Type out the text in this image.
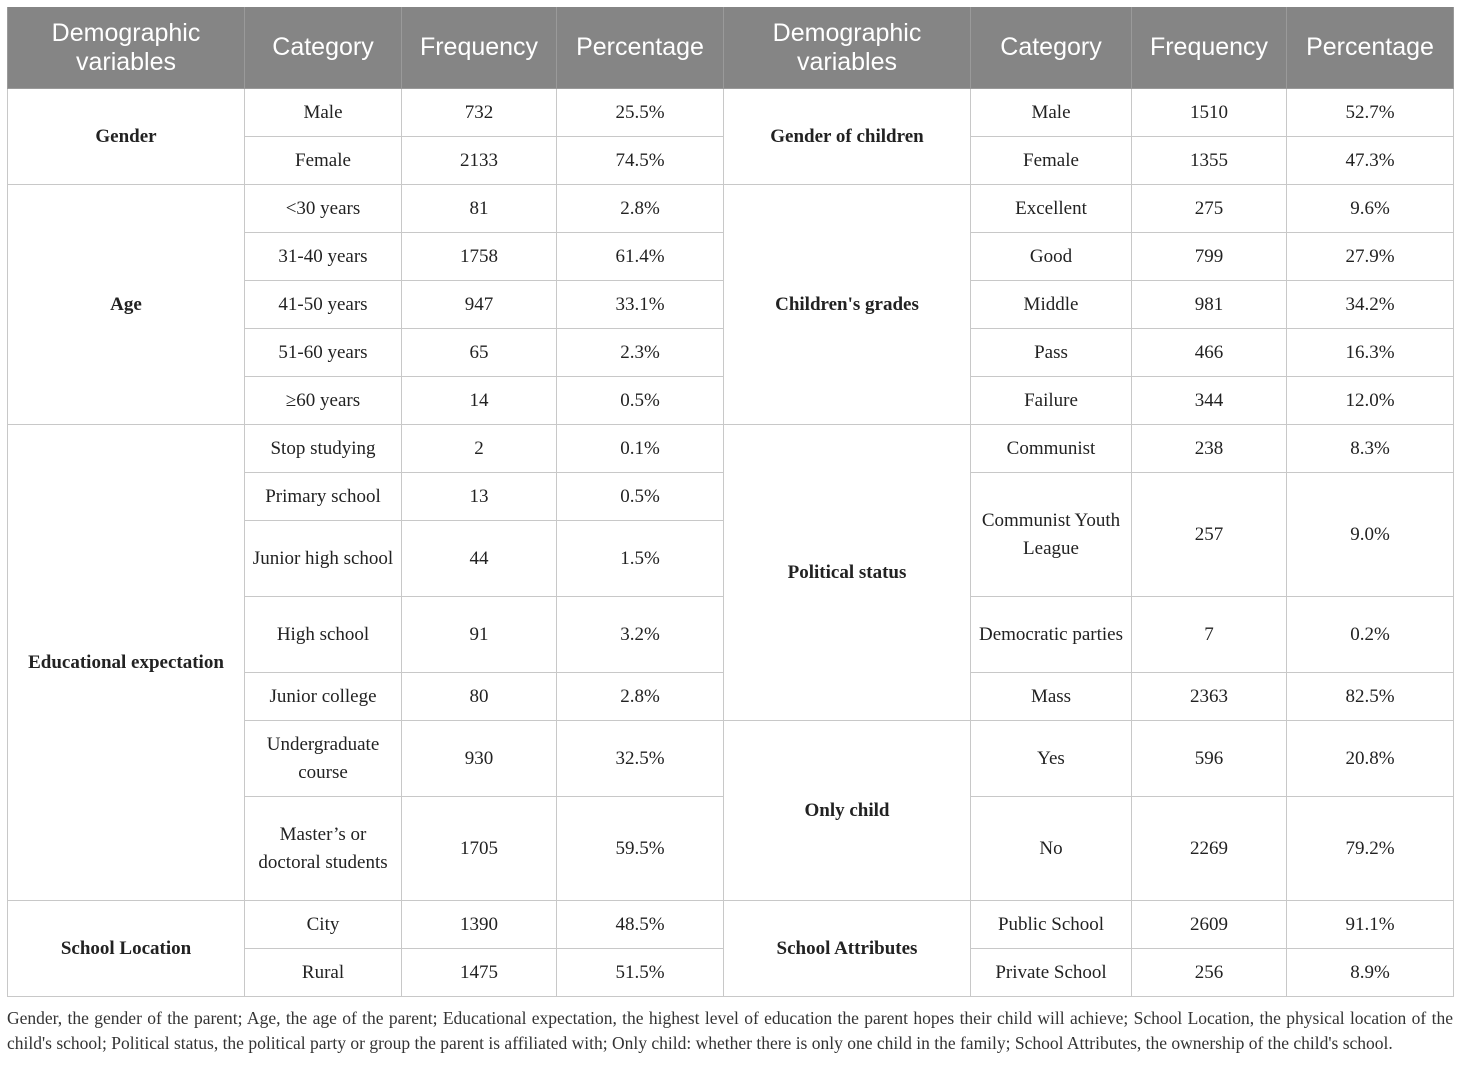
Demographic variables	Category	Frequency	Percentage	Demographic variables	Category	Frequency	Percentage
Gender	Male	732	25.5%	Gender of children	Male	1510	52.7%
	Female	2133	74.5%		Female	1355	47.3%
Age	<30 years	81	2.8%	Children's grades	Excellent	275	9.6%
	31-40 years	1758	61.4%		Good	799	27.9%
	41-50 years	947	33.1%		Middle	981	34.2%
	51-60 years	65	2.3%		Pass	466	16.3%
	≥60 years	14	0.5%		Failure	344	12.0%
Educational expectation	Stop studying	2	0.1%	Political status	Communist	238	8.3%
	Primary school	13	0.5%		Communist Youth League	257	9.0%
	Junior high school	44	1.5%				
	High school	91	3.2%		Democratic parties	7	0.2%
	Junior college	80	2.8%		Mass	2363	82.5%
	Undergraduate course	930	32.5%	Only child	Yes	596	20.8%
	Master’s or doctoral students	1705	59.5%		No	2269	79.2%
School Location	City	1390	48.5%	School Attributes	Public School	2609	91.1%
	Rural	1475	51.5%		Private School	256	8.9%
Gender, the gender of the parent; Age, the age of the parent; Educational expectation, the highest level of education the parent hopes their child will achieve; School Location, the physical location of the child's school; Political status, the political party or group the parent is affiliated with; Only child: whether there is only one child in the family; School Attributes, the ownership of the child's school.
